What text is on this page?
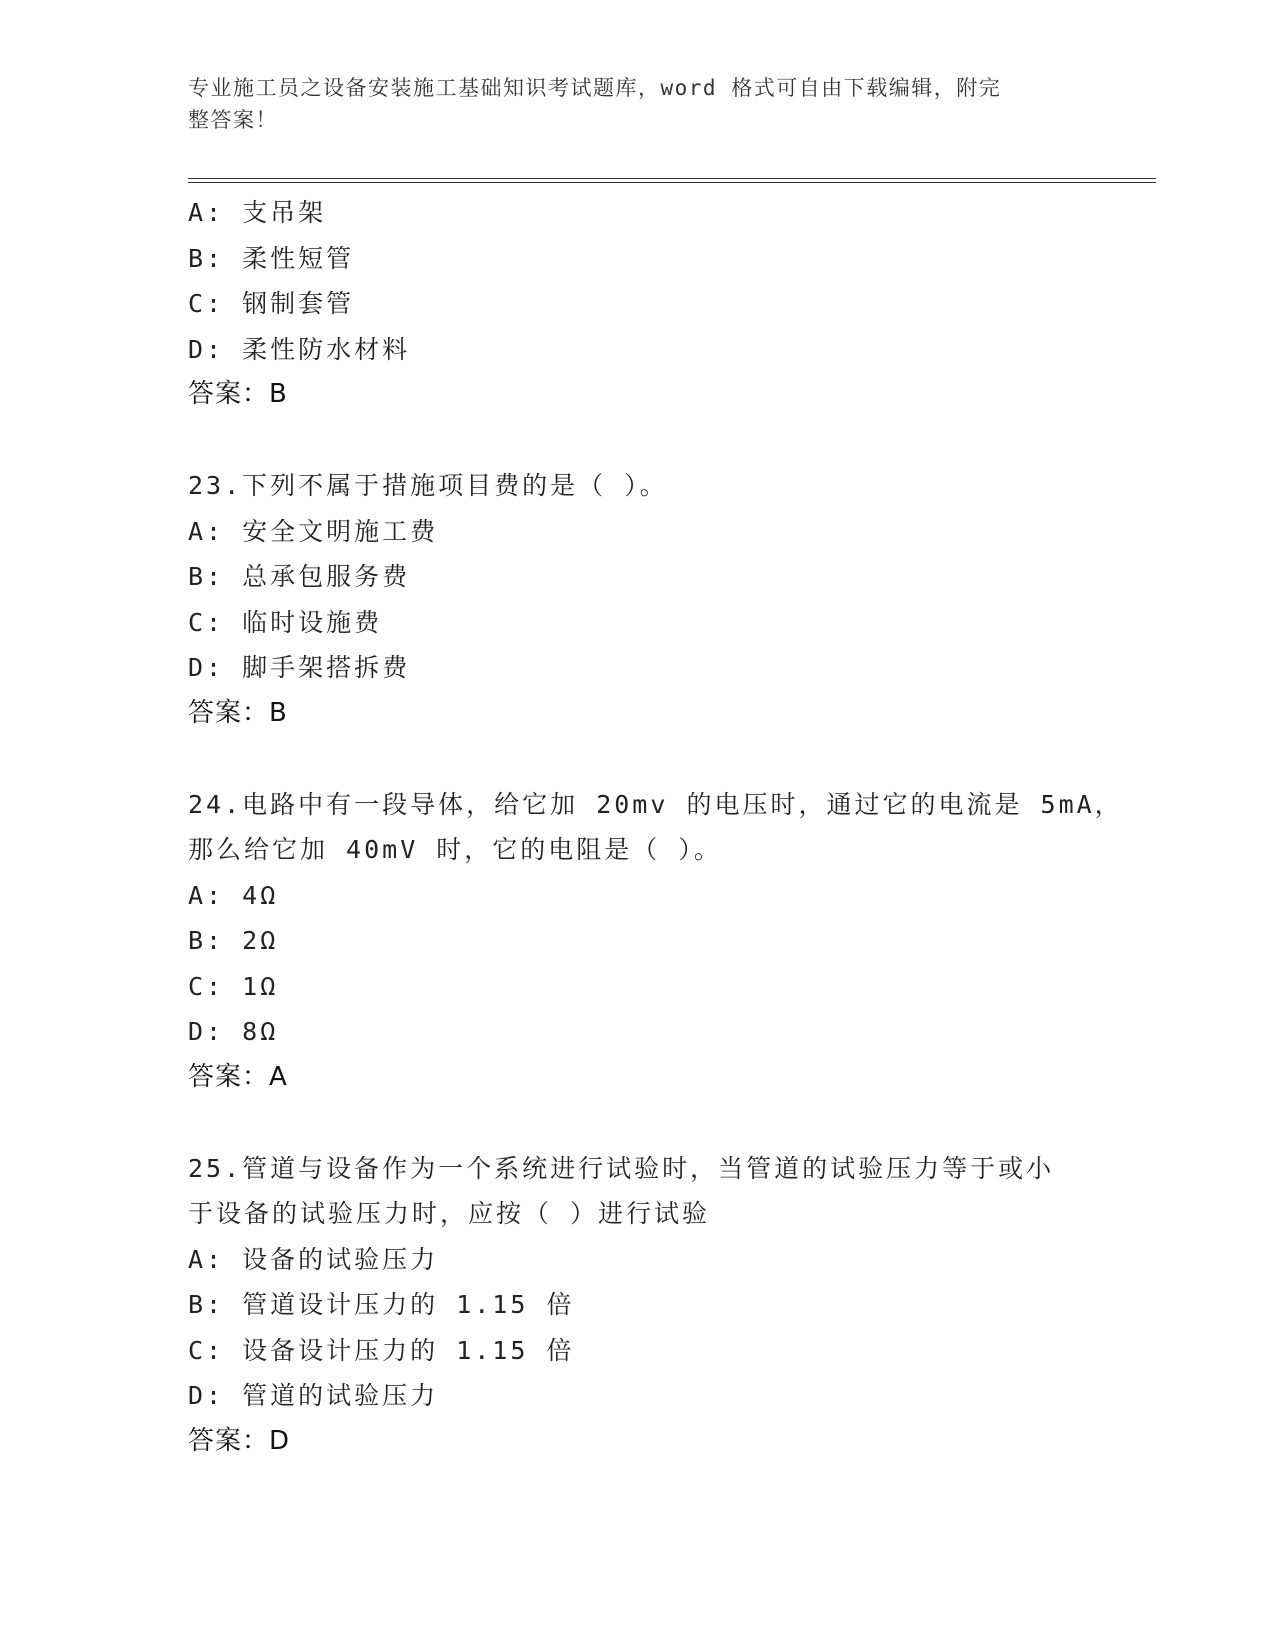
专业施工员之设备安装施工基础知识考试题库，word 格式可自由下载编辑，附完
整答案！
A: 支吊架
B: 柔性短管
C: 钢制套管
D: 柔性防水材料
答案：B
23.下列不属于措施项目费的是（ ）。
A: 安全文明施工费
B: 总承包服务费
C: 临时设施费
D: 脚手架搭拆费
答案：B
24.电路中有一段导体，给它加 20mv 的电压时，通过它的电流是 5mA，
那么给它加 40mV 时，它的电阻是（ ）。
A: 4Ω
B: 2Ω
C: 1Ω
D: 8Ω
答案：A
25.管道与设备作为一个系统进行试验时，当管道的试验压力等于或小
于设备的试验压力时，应按（ ）进行试验
A: 设备的试验压力
B: 管道设计压力的 1.15 倍
C: 设备设计压力的 1.15 倍
D: 管道的试验压力
答案：D
